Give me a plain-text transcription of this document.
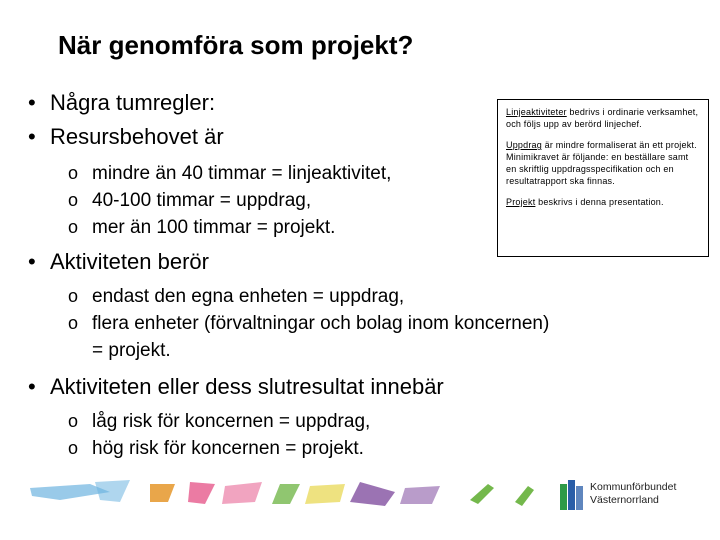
När genomföra som projekt?
• Några tumregler:
• Resursbehovet är
o mindre än 40 timmar = linjeaktivitet,
o 40-100 timmar = uppdrag,
o mer än 100 timmar = projekt.
• Aktiviteten berör
o endast den egna enheten = uppdrag,
o flera enheter (förvaltningar och bolag inom koncernen) = projekt.
• Aktiviteten eller dess slutresultat innebär
o låg risk för koncernen = uppdrag,
o hög risk för koncernen = projekt.

Linjeaktiviteter bedrivs i ordinarie verksamhet, och följs upp av berörd linjechef.

Uppdrag är mindre formaliserat än ett projekt. Minimikravet är följande: en beställare samt en skriftlig uppdragsspecifikation och en resultatrapport ska finnas.

Projekt beskrivs i denna presentation.

Kommunförbundet
Västernorrland
